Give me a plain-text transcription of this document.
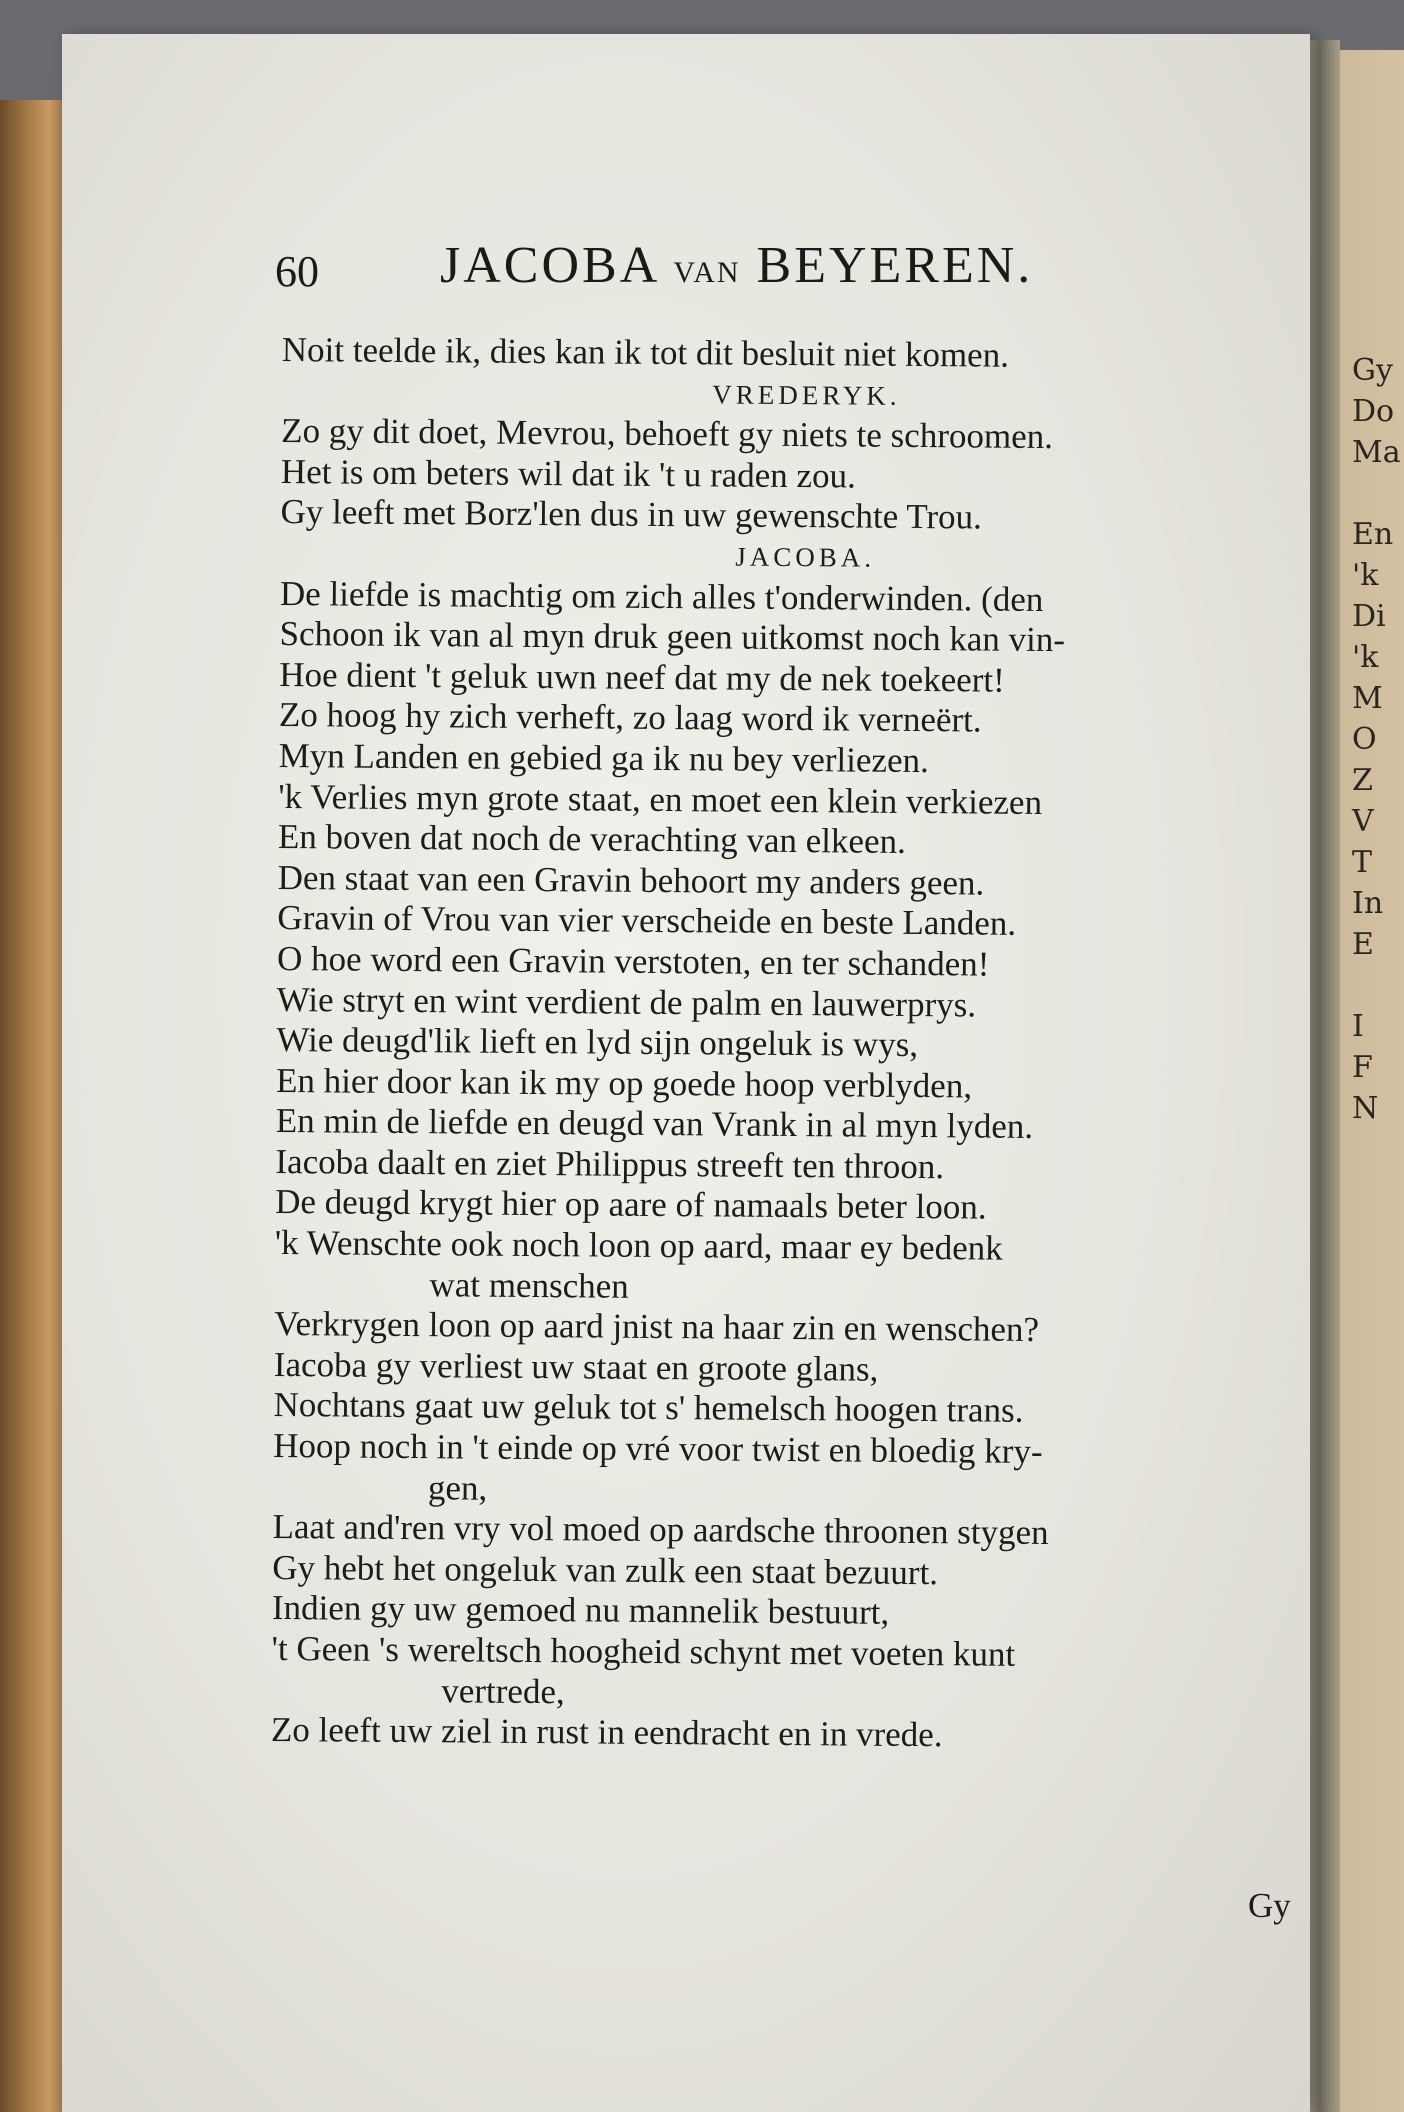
Gy
Do
Ma
En
'k
Di
'k
M
O
Z
V
T
In
E
I
F
N
60 JACOBA VAN BEYEREN.
Noit teelde ik, dies kan ik tot dit besluit niet komen.
VREDERYK.
Zo gy dit doet, Mevrou, behoeft gy niets te schroomen.
Het is om beters wil dat ik 't u raden zou.
Gy leeft met Borz'len dus in uw gewenschte Trou.
JACOBA.
De liefde is machtig om zich alles t'onderwinden. (den
Schoon ik van al myn druk geen uitkomst noch kan vin-
Hoe dient 't geluk uwn neef dat my de nek toekeert!
Zo hoog hy zich verheft, zo laag word ik verneërt.
Myn Landen en gebied ga ik nu bey verliezen.
'k Verlies myn grote staat, en moet een klein verkiezen
En boven dat noch de verachting van elkeen.
Den staat van een Gravin behoort my anders geen.
Gravin of Vrou van vier verscheide en beste Landen.
O hoe word een Gravin verstoten, en ter schanden!
Wie stryt en wint verdient de palm en lauwerprys.
Wie deugd'lik lieft en lyd sijn ongeluk is wys,
En hier door kan ik my op goede hoop verblyden,
En min de liefde en deugd van Vrank in al myn lyden.
Iacoba daalt en ziet Philippus streeft ten throon.
De deugd krygt hier op aare of namaals beter loon.
'k Wenschte ook noch loon op aard, maar ey bedenk
wat menschen
Verkrygen loon op aard jnist na haar zin en wenschen?
Iacoba gy verliest uw staat en groote glans,
Nochtans gaat uw geluk tot s' hemelsch hoogen trans.
Hoop noch in 't einde op vré voor twist en bloedig kry-
gen,
Laat and'ren vry vol moed op aardsche throonen stygen
Gy hebt het ongeluk van zulk een staat bezuurt.
Indien gy uw gemoed nu mannelik bestuurt,
't Geen 's wereltsch hoogheid schynt met voeten kunt
vertrede,
Zo leeft uw ziel in rust in eendracht en in vrede.
Gy
